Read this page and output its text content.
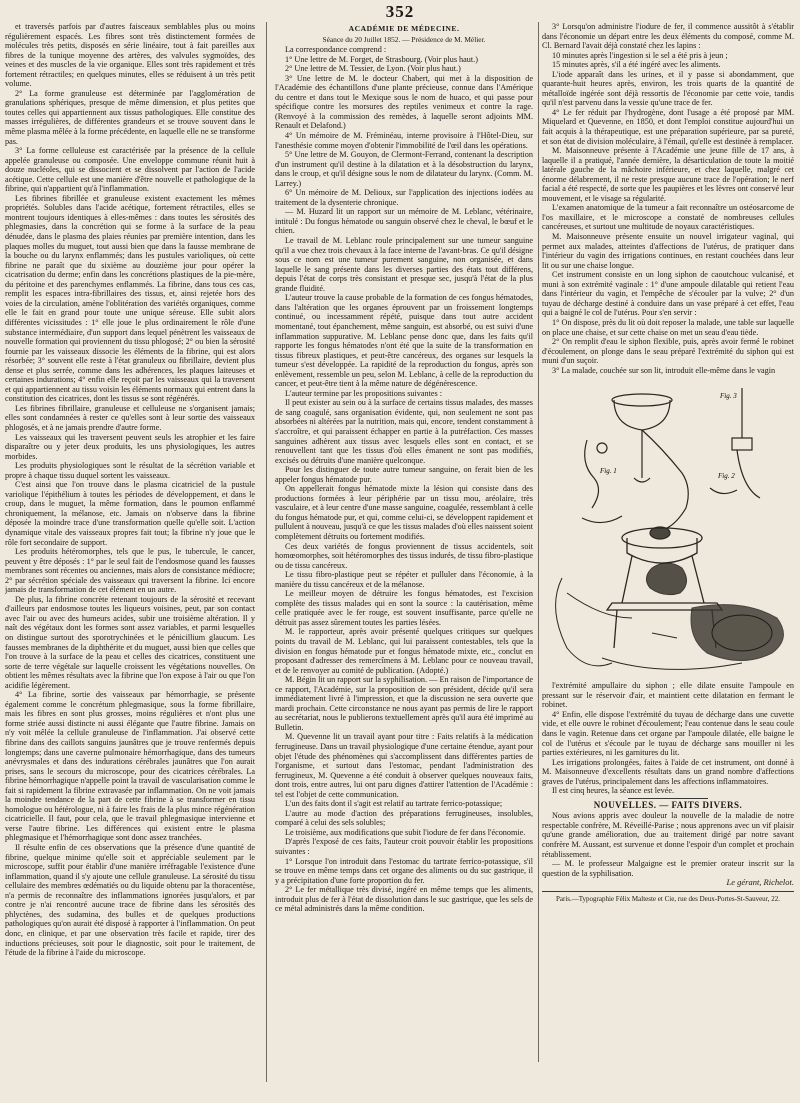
352

et traversés parfois par d'autres faisceaux semblables plus ou moins régulièrement espacés. Les fibres sont très distinctement formées de molécules très petits, disposés en série linéaire, tout à fait pareilles aux fibres de la tunique moyenne des artères, des valvules sygmoïdes, des veines et des muscles de la vie organique. Elles sont très rapidement et très fortement rétractiles; en quelques minutes, elles se réduisent à un très petit volume.

2° La forme granuleuse est déterminée par l'agglomération de granulations sphériques, presque de même dimension, et plus petites que toutes celles qui appartiennent aux tissus pathologiques. Elle constitue des masses irrégulières, de différentes grandeurs et se trouve souvent dans le même plasma mêlée à la forme précédente, en laquelle elle ne se transforme pas.

3° La forme celluleuse est caractérisée par la présence de la cellule appelée granuleuse ou composée. Une enveloppe commune réunit huit à douze nucléoles, qui se dissocient et se dissolvent par l'action de l'acide acétique. Cette cellule est une manière d'être nouvelle et pathologique de la fibrine, qui n'appartient qu'à l'inflammation.

Les fibrines fibrillée et granuleuse existent exactement les mêmes propriétés. Solubles dans l'acide acétique, fortement rétractiles, elles se montrent toujours identiques à elles-mêmes : dans toutes les sérosités des phlegmasies, dans la concrétion qui se forme à la surface de la peau dénudée, dans le plasma des plaies réunies par première intention, dans les plaques molles du muguet, tout aussi bien que dans la fausse membrane de la bouche ou du larynx enflammés; dans les pustules varioliques, où cette fibrine ne paraît que du sixième au douzième jour pour opérer la cicatrisation du derme; enfin dans les concrétions plastiques de la pie-mère, du péritoine et des parenchymes enflammés. La fibrine, dans tous ces cas, remplit les espaces intra-fibrillaires des tissus, et, ainsi rejetée hors des voies de la circulation, amène l'oblitération des variétés organiques, comme elle le fait en grand pour toute une unique séreuse. Elle subit alors différentes vicissitudes : 1° elle joue le plus ordinairement le rôle d'une substance intermédiaire, d'un support dans lequel pénètrent les vaisseaux de nouvelle formation qui proviennent du tissu phlogosé; 2° ou bien la sérosité fournie par les vaisseaux dissocie les éléments de la fibrine, qui est alors résorbée; 3° souvent elle reste à l'état granuleux ou fibrillaire, devient plus dense et plus serrée, comme dans les adhérences, les plaques laiteuses et certaines indurations; 4° enfin elle reçoit par les vaisseaux qui la traversent et qui appartiennent au tissu voisin les éléments normaux qui entrent dans la constitution des cicatrices, dont les tissus se sont régénérés.

Les fibrines fibrillaire, granuleuse et celluleuse ne s'organisent jamais; elles sont condamnées à rester ce qu'elles sont à leur sortie des vaisseaux phlogosés, et à ne jamais prendre d'autre forme.

Les vaisseaux qui les traversent peuvent seuls les atrophier et les faire disparaître ou y jeter deux produits, les uns physiologiques, les autres morbides.

Les produits physiologiques sont le résultat de la sécrétion variable et propre à chaque tissu duquel sortent les vaisseaux.

C'est ainsi que l'on trouve dans le plasma cicatriciel de la pustule variolique l'épithélium à toutes les périodes de développement, et dans le croup, dans le muguet, la même formation, dans le poumon enflammé chroniquement, la mélanose, etc. Jamais on n'observe dans la fibrine déposée la moindre trace d'une transformation quelle qu'elle soit. L'action dynamique vitale des vaisseaux propres fait tout; la fibrine n'y joue que le rôle fort secondaire de support.

Les produits hétéromorphes, tels que le pus, le tubercule, le cancer, peuvent y être déposés : 1° par le seul fait de l'endosmose quand les fausses membranes sont récentes ou anciennes, mais alors de consistance médiocre; 2° par sécrétion spéciale des vaisseaux qui traversent la fibrine. Ici encore jamais de transformation de cet élément en un autre.

De plus, la fibrine concrète retenant toujours de la sérosité et recevant d'ailleurs par endosmose toutes les liqueurs voisines, peut, par son contact avec l'air ou avec des humeurs acides, subir une troisième altération. Il y naît des végétaux dont les formes sont assez variables, et parmi lesquelles on distingue surtout des sporotrychinées et le pénicillium glaucum. Les fausses membranes de la diphthérite et du muguet, aussi bien que celles que l'on trouve à la surface de la peau et celles des cicatrices, constituent une sorte de terre végétale sur laquelle croissent les végétations nouvelles. On obtient les mêmes résultats avec la fibrine que l'on expose à l'air ou que l'on acidifie légèrement.

4° La fibrine, sortie des vaisseaux par hémorrhagie, se présente également comme le concrétum phlegmasique, sous la forme fibrillaire, mais les fibres en sont plus grosses, moins régulières et n'ont plus une forme striée aussi distincte ni aussi élégante que l'autre fibrine. Jamais on n'y voit mêlée la cellule granuleuse de l'inflammation. J'ai observé cette fibrine dans des caillots sanguins jaunâtres que je trouve renfermés depuis longtemps; dans une caverne pulmonaire hémorrhagique, dans des tumeurs anévrysmales et dans des indurations cérébrales jaunâtres que l'on aurait prises, sans le secours du microscope, pour des cicatrices cérébrales. La fibrine hémorrhagique n'appelle point la travail de vascularisation comme le fait si rapidement la fibrine extravasée par inflammation. On ne voit jamais la moindre tendance de la part de cette fibrine à se transformer en tissu homologue ou hétérologue, ni à faire les frais de la plus mince régénération cicatricielle. Il faut, pour cela, que le travail phlegmasique intervienne et verse l'autre fibrine. Les différences qui existent entre le plasma phlegmasique et l'hémorrhagique sont donc assez tranchées.

Il résulte enfin de ces observations que la présence d'une quantité de fibrine, quelque minime qu'elle soit et appréciable seulement par le microscope, suffit pour établir d'une manière irréfragable l'existence d'une inflammation, quand il s'y ajoute une cellule granuleuse. La sérosité du tissu cellulaire des membres œdématiés ou du liquide obtenu par la thoracentèse, n'a permis de reconnaître des inflammations ignorées jusqu'alors, et par contre je n'ai rencontré aucune trace de fibrine dans les sérosités des phlyctènes, des sudamina, des bulles et de quelques productions pathologiques qu'on aurait été disposé à rapporter à l'inflammation. On peut donc, en clinique, et par une observation très facile et rapide, tirer des inductions précieuses, soit pour le diagnostic, soit pour le traitement, de l'étude de la fibrine à l'aide du microscope.

ACADÉMIE DE MÉDECINE.

Séance du 20 Juillet 1852. — Présidence de M. Mélier.

La correspondance comprend :

1° Une lettre de M. Forget, de Strasbourg. (Voir plus haut.)

2° Une lettre de M. Tessier, de Lyon. (Voir plus haut.)

3° Une lettre de M. le docteur Chabert, qui met à la disposition de l'Académie des échantillons d'une plante précieuse, connue dans l'Amérique du centre et dans tout le Mexique sous le nom de huaco, et qui passe pour spécifique contre les morsures des reptiles venimeux et contre la rage. (Renvoyé à la commission des remèdes, à laquelle seront adjoints MM. Renault et Delafond.)

4° Un mémoire de M. Fréminéau, interne provisoire à l'Hôtel-Dieu, sur l'anesthésie comme moyen d'obtenir l'immobilité de l'œil dans les opérations.

5° Une lettre de M. Gouyon, de Clermont-Ferrand, contenant la description d'un instrument qu'il destine à la dilatation et à la désobstruction du larynx, dans le croup, et qu'il désigne sous le nom de dilatateur du larynx. (Comm. M. Larrey.)

6° Un mémoire de M. Delioux, sur l'application des injections iodées au traitement de la dysenterie chronique.

— M. Huzard lit un rapport sur un mémoire de M. Leblanc, vétérinaire, intitulé : Du fongus hématode ou sanguin observé chez le cheval, le bœuf et le chien.

Le travail de M. Leblanc roule principalement sur une tumeur sanguine qu'il a vue chez trois chevaux à la face interne de l'avant-bras. Ce qu'il désigne sous ce nom est une tumeur purement sanguine, non organisée, et dans laquelle le sang présente dans les diverses parties des états tout différens, depuis l'état de corps très consistant et presque sec, jusqu'à l'état de la plus grande fluidité.

L'auteur trouve la cause probable de la formation de ces fongus hématodes, dans l'altération que les organes éprouvent par un froissement longtemps continué, ou incessamment répété, puisque dans tout autre accident momentané, tout épanchement, même sanguin, est absorbé, ou est suivi d'une inflammation suppurative. M. Leblanc pense donc que, dans les faits qu'il rapporte les fongus hématodes n'ont été que la suite de la transformation en tissus fibreux plastiques, et peut-être cancéreux, des organes sur lesquels la tumeur s'est développée. La rapidité de la reproduction du fongus, après son enlèvement, ressemble un peu, selon M. Leblanc, à celle de la reproduction du cancer, et peut-être tient à la même nature de dégénérescence.

L'auteur termine par les propositions suivantes :

Il peut exister au sein ou à la surface de certains tissus malades, des masses de sang coagulé, sans organisation évidente, qui, non seulement ne sont pas absorbées ni altérées par la nutrition, mais qui, encore, tendent constamment à s'accroître, et qui paraissent échapper en partie à la putréfaction. Ces masses sanguines adhèrent aux tissus avec lesquels elles sont en contact, et se renouvellent tant que les tissus d'où elles émanent ne sont pas modifiés, excisés ou détruits d'une manière quelconque.

Pour les distinguer de toute autre tumeur sanguine, on ferait bien de les appeler fongus hématode pur.

On appellerait fongus hématode mixte la lésion qui consiste dans des productions formées à leur périphérie par un tissu mou, aréolaire, très vasculaire, et à leur centre d'une masse sanguine, coagulée, ressemblant à celle du fongus hématode pur, et qui, comme celui-ci, se développent rapidement et pullulent à nouveau, jusqu'à ce que les tissus malades d'où elles naissent soient complètement détruits ou fortement modifiés.

Ces deux variétés de fongus proviennent de tissus accidentels, soit homœomorphes, soit hétéromorphes des tissus indurés, de tissu fibro-plastique ou de tissu cancéreux.

Le tissu fibro-plastique peut se répéter et pulluler dans l'économie, à la manière du tissu cancéreux et de la mélanose.

Le meilleur moyen de détruire les fongus hématodes, est l'excision complète des tissus malades qui en sont la source : la cautérisation, même celle pratiquée avec le fer rouge, est souvent insuffisante, parce qu'elle ne détruit pas assez sûrement toutes les parties lésées.

M. le rapporteur, après avoir présenté quelques critiques sur quelques points du travail de M. Leblanc, qui lui paraissent contestables, tels que la division en fongus hématode pur et fongus hématode mixte, etc., conclut en proposant d'adresser des remercîmens à M. Leblanc pour ce nouveau travail, et de le renvoyer au comité de publication. (Adopté.)

M. Bégin lit un rapport sur la syphilisation. — En raison de l'importance de ce rapport, l'Académie, sur la proposition de son président, décide qu'il sera immédiatement livré à l'impression, et que la discussion ne sera ouverte que mardi prochain. Cette circonstance ne nous ayant pas permis de lire le rapport au secrétariat, nous le publierons textuellement après qu'il aura été imprimé au Bulletin.

M. Quevenne lit un travail ayant pour titre : Faits relatifs à la médication ferrugineuse. Dans un travail physiologique d'une certaine étendue, ayant pour objet l'étude des phénomènes qui s'accomplissent dans différentes parties de l'organisme, et surtout dans l'estomac, pendant l'administration des ferrugineux, M. Quevenne a été conduit à observer quelques nouveaux faits, dont trois, entre autres, lui ont paru dignes d'attirer l'attention de l'Académie : tel est l'objet de cette communication.

L'un des faits dont il s'agit est relatif au tartrate ferrico-potassique;

L'autre au mode d'action des préparations ferrugineuses, insolubles, comparé à celui des sels solubles;

Le troisième, aux modifications que subit l'iodure de fer dans l'économie.

D'après l'exposé de ces faits, l'auteur croit pouvoir établir les propositions suivantes :

1° Lorsque l'on introduit dans l'estomac du tartrate ferrico-potassique, s'il se trouve en même temps dans cet organe des aliments ou du suc gastrique, il y a précipitation d'une forte proportion du fer.

2° Le fer métallique très divisé, ingéré en même temps que les aliments, introduit plus de fer à l'état de dissolution dans le suc gastrique, que les sels de ce métal administrés dans la même condition.

3° Lorsqu'on administre l'iodure de fer, il commence aussitôt à s'établir dans l'économie un départ entre les deux éléments du composé, comme M. Cl. Bernard l'avait déjà constaté chez les lapins :

10 minutes après l'ingestion si le sel a été pris à jeun ;

15 minutes après, s'il a été ingéré avec les aliments.

L'iode apparaît dans les urines, et il y passe si abondamment, que quarante-huit heures après, environ, les trois quarts de la quantité de métalloïde ingérée sont déjà ressortis de l'économie par cette voie, tandis qu'il n'est parvenu dans la vessie qu'une trace de fer.

4° Le fer réduit par l'hydrogène, dont l'usage a été proposé par MM. Miquelard et Quevenne, en 1850, et dont l'emploi constitue aujourd'hui un fait acquis à la thérapeutique, est une préparation supérieure, par sa pureté, et son état de division moléculaire, à l'émail, qu'elle est destinée à remplacer.

M. Maisonneuve présente à l'Académie une jeune fille de 17 ans, à laquelle il a pratiqué, l'année dernière, la désarticulation de toute la moitié latérale gauche de la mâchoire inférieure, et chez laquelle, malgré cet énorme délabrement, il ne reste presque aucune trace de l'opération; le nerf facial a été respecté, de sorte que les paupières et les lèvres ont conservé leur mouvement, et le visage sa régularité.

L'examen anatomique de la tumeur a fait reconnaître un ostéosarcome de l'os maxillaire, et le microscope a constaté de nombreuses cellules cancéreuses, et surtout une multitude de noyaux caractéristiques.

M. Maisonneuve présente ensuite un nouvel irrigateur vaginal, qui permet aux malades, atteintes d'affections de l'utérus, de pratiquer dans l'intérieur du vagin des irrigations continues, en restant couchées dans leur lit ou sur une chaise longue.

Cet instrument consiste en un long siphon de caoutchouc vulcanisé, et muni à son extrémité vaginale : 1° d'une ampoule dilatable qui retient l'eau dans l'intérieur du vagin, et l'empêche de s'écouler par la vulve; 2° d'un tuyau de décharge destiné à conduire dans un vase préparé à cet effet, l'eau qui a baigné le col de l'utérus. Pour s'en servir :

1° On dispose, près du lit où doit reposer la malade, une table sur laquelle on place une chaise, et sur cette chaise on met un seau d'eau tiède.

2° On remplit d'eau le siphon flexible, puis, après avoir fermé le robinet d'écoulement, on plonge dans le seau préparé l'extrémité du siphon qui est muni d'un suçoir.

3° La malade, couchée sur son lit, introduit elle-même dans le vagin

Fig. 3
Fig. 1
Fig. 2

l'extrémité ampullaire du siphon ; elle dilate ensuite l'ampoule en pressant sur le réservoir d'air, et maintient cette dilatation en fermant le robinet.

4° Enfin, elle dispose l'extrémité du tuyau de décharge dans une cuvette vide, et elle ouvre le robinet d'écoulement; l'eau contenue dans le seau coule dans le vagin. Retenue dans cet organe par l'ampoule dilatée, elle baigne le col de l'utérus et s'écoule par le tuyau de décharge sans mouiller ni les parties extérieures, ni les garnitures du lit.

Les irrigations prolongées, faites à l'aide de cet instrument, ont donné à M. Maisonneuve d'excellents résultats dans un grand nombre d'affections graves de l'utérus, principalement dans les affections inflammatoires.

Il est cinq heures, la séance est levée.

NOUVELLES. — FAITS DIVERS.

Nous avions appris avec douleur la nouvelle de la maladie de notre respectable confrère, M. Réveillé-Parise ; nous apprenons avec un vif plaisir qu'une grande amélioration, due au traitement dirigé par notre savant confrère M. Aussant, est survenue et donne l'espoir d'un complet et prochain rétablissement.

— M. le professeur Malgaigne est le premier orateur inscrit sur la question de la syphilisation.

Le gérant, Richelot.

Paris.—Typographie Félix Malteste et Cie, rue des Deux-Portes-St-Sauveur, 22.
